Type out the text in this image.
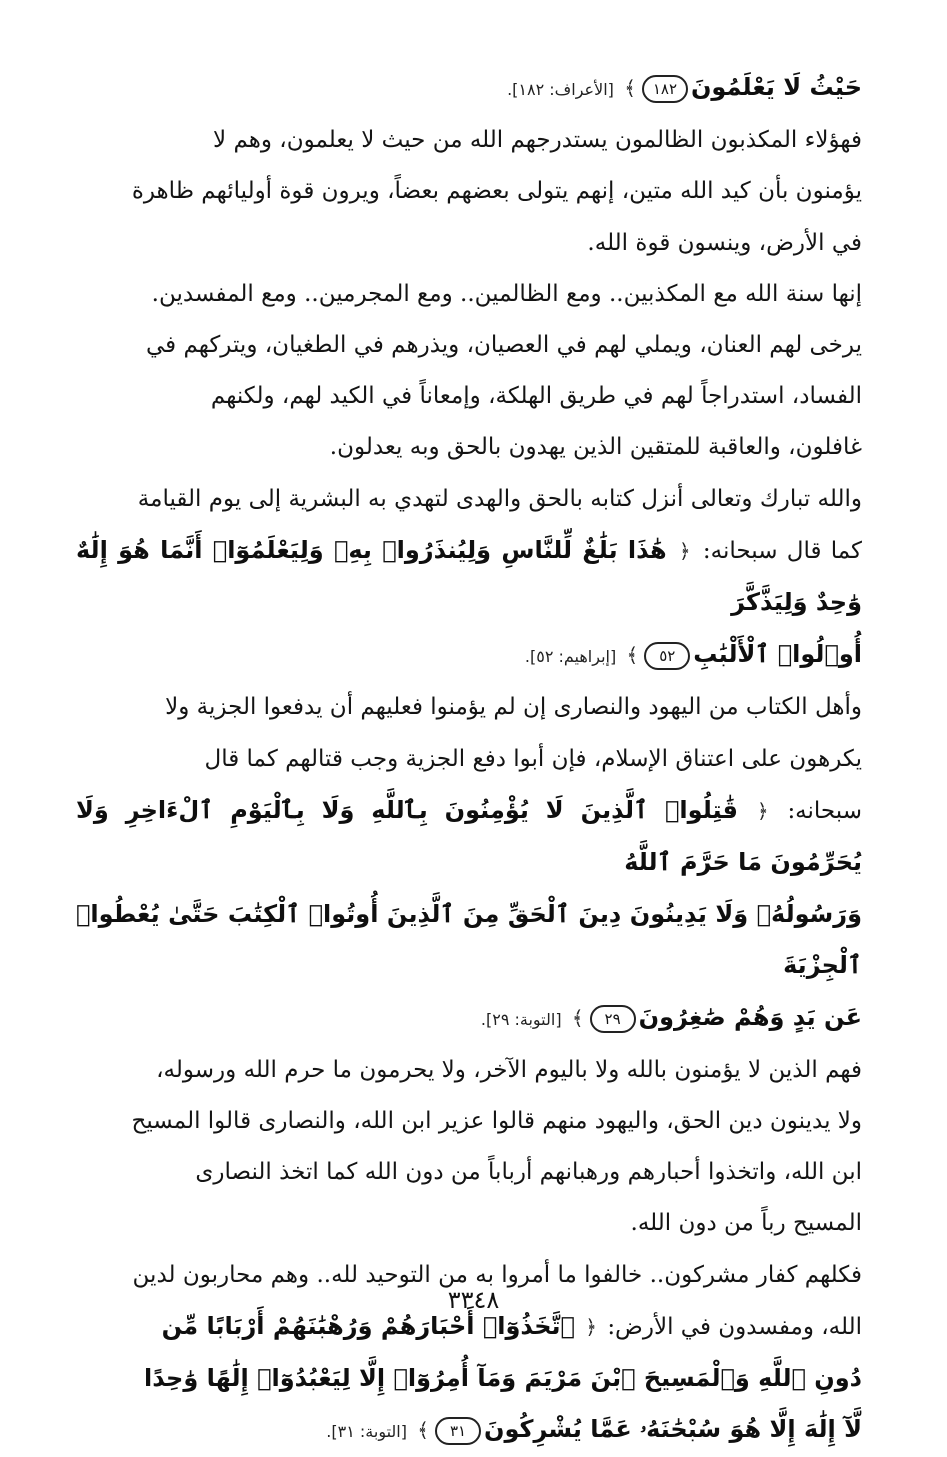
حَيْثُ لَا يَعْلَمُونَ١٨٢﴾ [الأعراف: ١٨٢].

فهؤلاء المكذبون الظالمون يستدرجهم الله من حيث لا يعلمون، وهم لا

يؤمنون بأن كيد الله متين، إنهم يتولى بعضهم بعضاً، ويرون قوة أوليائهم ظاهرة

في الأرض، وينسون قوة الله.

إنها سنة الله مع المكذبين.. ومع الظالمين.. ومع المجرمين.. ومع المفسدين.

يرخى لهم العنان، ويملي لهم في العصيان، ويذرهم في الطغيان، ويتركهم في

الفساد، استدراجاً لهم في طريق الهلكة، وإمعاناً في الكيد لهم، ولكنهم

غافلون، والعاقبة للمتقين الذين يهدون بالحق وبه يعدلون.

والله تبارك وتعالى أنزل كتابه بالحق والهدى لتهدي به البشرية إلى يوم القيامة

كما قال سبحانه: ﴿ هَٰذَا بَلَٰغٌ لِّلنَّاسِ وَلِيُنذَرُوا۟ بِهِۦ وَلِيَعْلَمُوٓا۟ أَنَّمَا هُوَ إِلَٰهٌ وَٰحِدٌ وَلِيَذَّكَّرَ

أُو۟لُوا۟ ٱلْأَلْبَٰبِ٥٢﴾ [إبراهيم: ٥٢].

وأهل الكتاب من اليهود والنصارى إن لم يؤمنوا فعليهم أن يدفعوا الجزية ولا

يكرهون على اعتناق الإسلام، فإن أبوا دفع الجزية وجب قتالهم كما قال

سبحانه: ﴿ قَٰتِلُوا۟ ٱلَّذِينَ لَا يُؤْمِنُونَ بِٱللَّهِ وَلَا بِٱلْيَوْمِ ٱلْءَاخِرِ وَلَا يُحَرِّمُونَ مَا حَرَّمَ ٱللَّهُ

وَرَسُولُهُۥ وَلَا يَدِينُونَ دِينَ ٱلْحَقِّ مِنَ ٱلَّذِينَ أُوتُوا۟ ٱلْكِتَٰبَ حَتَّىٰ يُعْطُوا۟ ٱلْجِزْيَةَ

عَن يَدٍ وَهُمْ صَٰغِرُونَ٢٩﴾ [التوبة: ٢٩].

فهم الذين لا يؤمنون بالله ولا باليوم الآخر، ولا يحرمون ما حرم الله ورسوله،

ولا يدينون دين الحق، واليهود منهم قالوا عزير ابن الله، والنصارى قالوا المسيح

ابن الله، واتخذوا أحبارهم ورهبانهم أرباباً من دون الله كما اتخذ النصارى

المسيح رباً من دون الله.

فكلهم كفار مشركون.. خالفوا ما أمروا به من التوحيد لله.. وهم محاربون لدين

الله، ومفسدون في الأرض: ﴿ ٱتَّخَذُوٓا۟ أَحْبَارَهُمْ وَرُهْبَٰنَهُمْ أَرْبَابًا مِّن

دُونِ ٱللَّهِ وَٱلْمَسِيحَ ٱبْنَ مَرْيَمَ وَمَآ أُمِرُوٓا۟ إِلَّا لِيَعْبُدُوٓا۟ إِلَٰهًا وَٰحِدًا

لَّآ إِلَٰهَ إِلَّا هُوَ سُبْحَٰنَهُۥ عَمَّا يُشْرِكُونَ٣١﴾ [التوبة: ٣١].

٣٣٤٨
